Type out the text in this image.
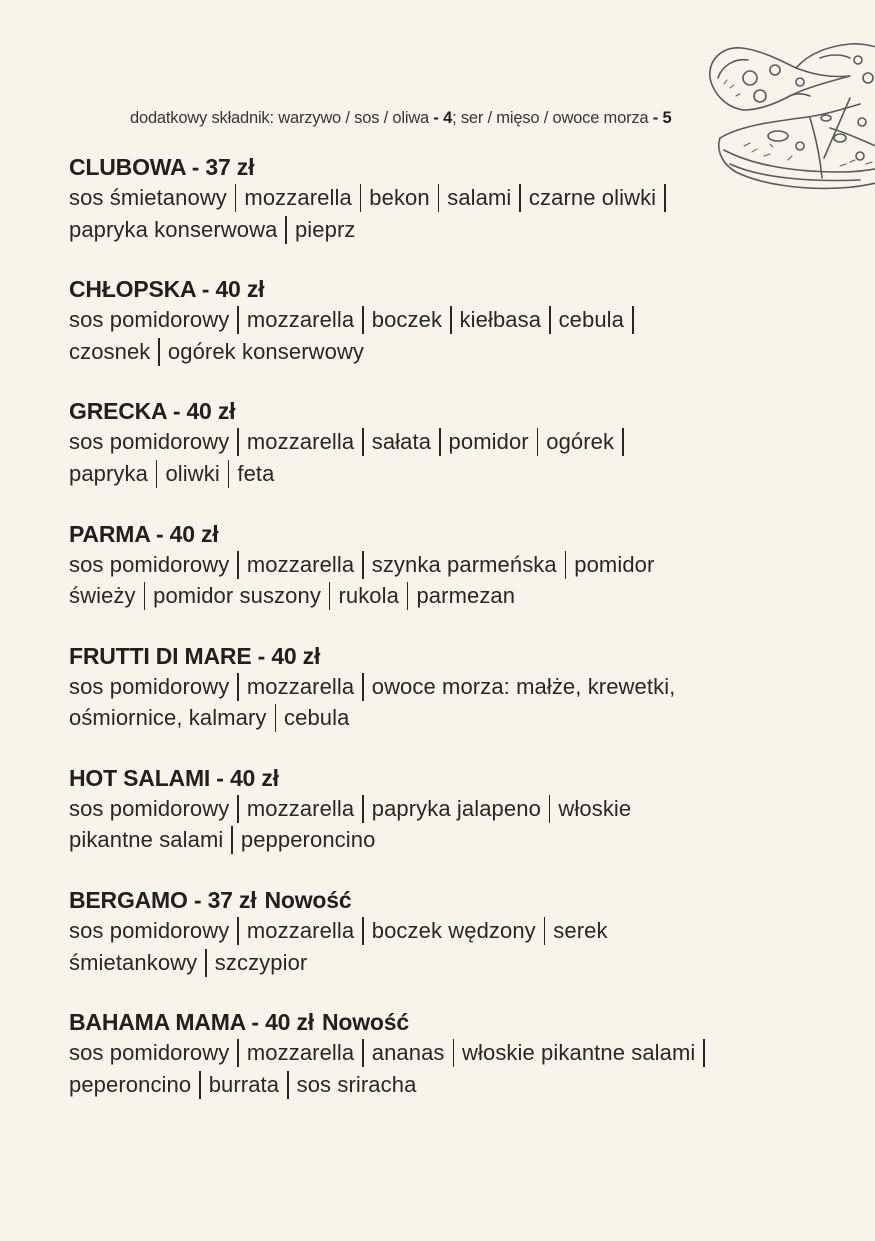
dodatkowy składnik: warzywo / sos / oliwa - 4; ser / mięso / owoce morza - 5
CLUBOWA - 37 zł
sos śmietanowy mozzarella bekon salami czarne oliwki
papryka konserwowa pieprz
CHŁOPSKA - 40 zł
sos pomidorowy mozzarella boczek kiełbasa cebula
czosnek ogórek konserwowy
GRECKA - 40 zł
sos pomidorowy mozzarella sałata pomidor ogórek
papryka oliwki feta
PARMA - 40 zł
sos pomidorowy mozzarella szynka parmeńska pomidor
świeży pomidor suszony rukola parmezan
FRUTTI DI MARE - 40 zł
sos pomidorowy mozzarella owoce morza: małże, krewetki,
ośmiornice, kalmary cebula
HOT SALAMI - 40 zł
sos pomidorowy mozzarella papryka jalapeno włoskie
pikantne salami pepperoncino
BERGAMO - 37 zł Nowość
sos pomidorowy mozzarella boczek wędzony serek
śmietankowy szczypior
BAHAMA MAMA - 40 zł Nowość
sos pomidorowy mozzarella ananas włoskie pikantne salami
peperoncino burrata sos sriracha
